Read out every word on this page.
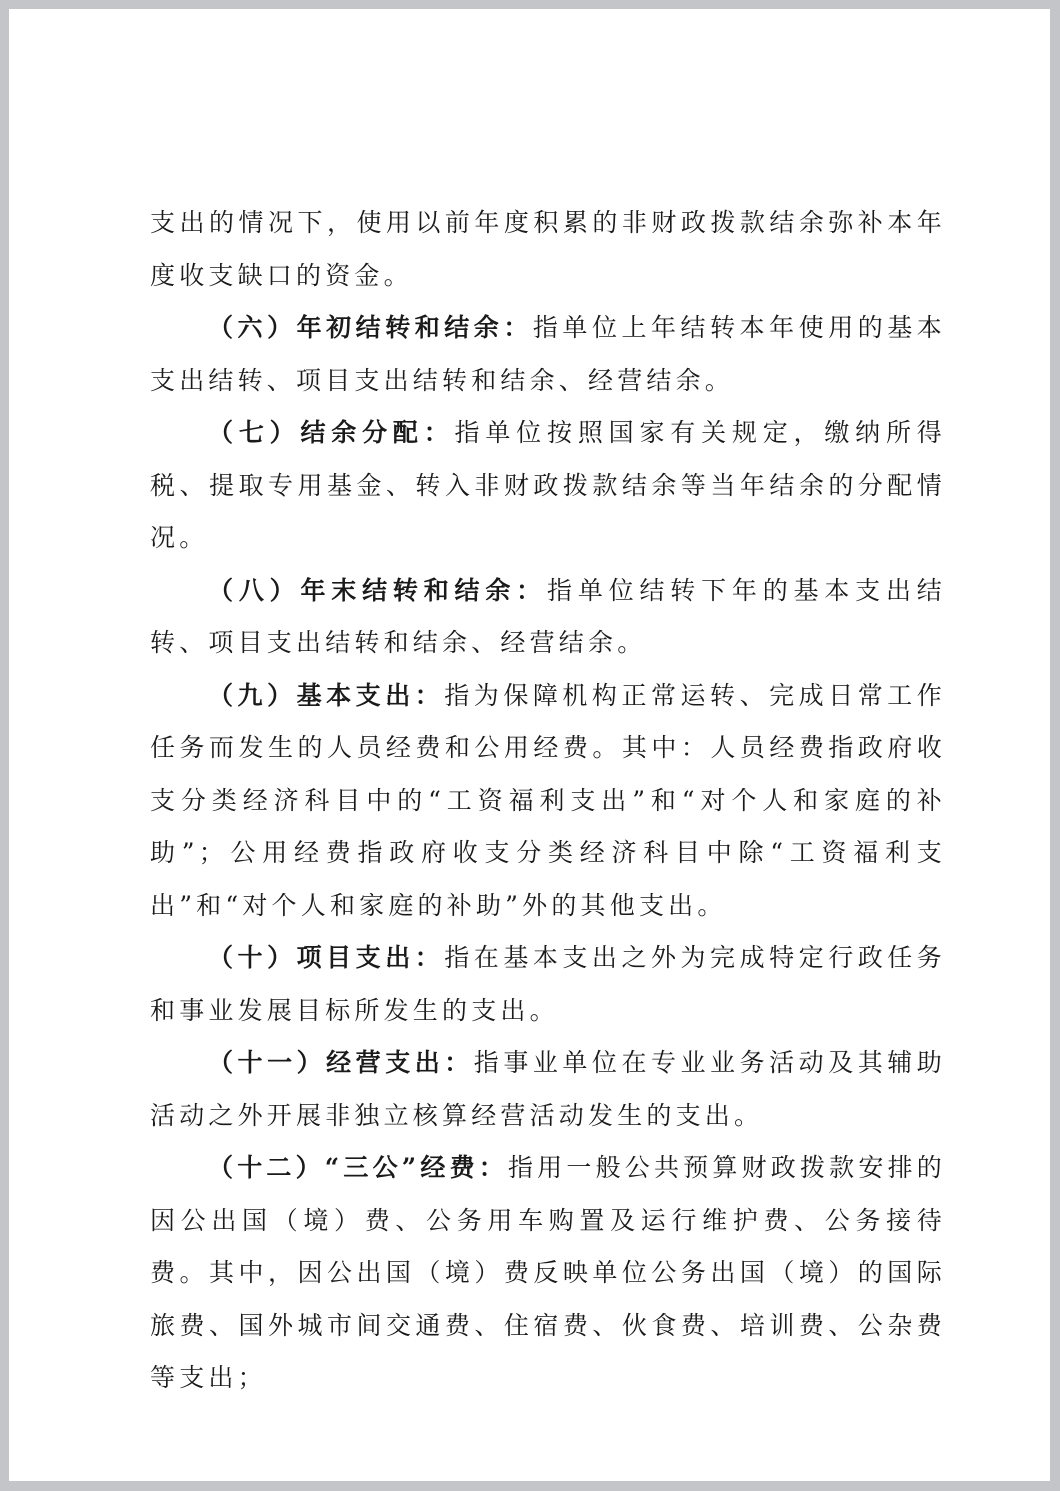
支出的情况下，使用以前年度积累的非财政拨款结余弥补本年度收支缺口的资金。

（六）年初结转和结余：指单位上年结转本年使用的基本支出结转、项目支出结转和结余、经营结余。

（七）结余分配：指单位按照国家有关规定，缴纳所得税、提取专用基金、转入非财政拨款结余等当年结余的分配情况。

（八）年末结转和结余：指单位结转下年的基本支出结转、项目支出结转和结余、经营结余。

（九）基本支出：指为保障机构正常运转、完成日常工作任务而发生的人员经费和公用经费。其中：人员经费指政府收支分类经济科目中的“工资福利支出”和“对个人和家庭的补助”；公用经费指政府收支分类经济科目中除“工资福利支出”和“对个人和家庭的补助”外的其他支出。

（十）项目支出：指在基本支出之外为完成特定行政任务和事业发展目标所发生的支出。

（十一）经营支出：指事业单位在专业业务活动及其辅助活动之外开展非独立核算经营活动发生的支出。

（十二）“三公”经费：指用一般公共预算财政拨款安排的因公出国（境）费、公务用车购置及运行维护费、公务接待费。其中，因公出国（境）费反映单位公务出国（境）的国际旅费、国外城市间交通费、住宿费、伙食费、培训费、公杂费等支出；
